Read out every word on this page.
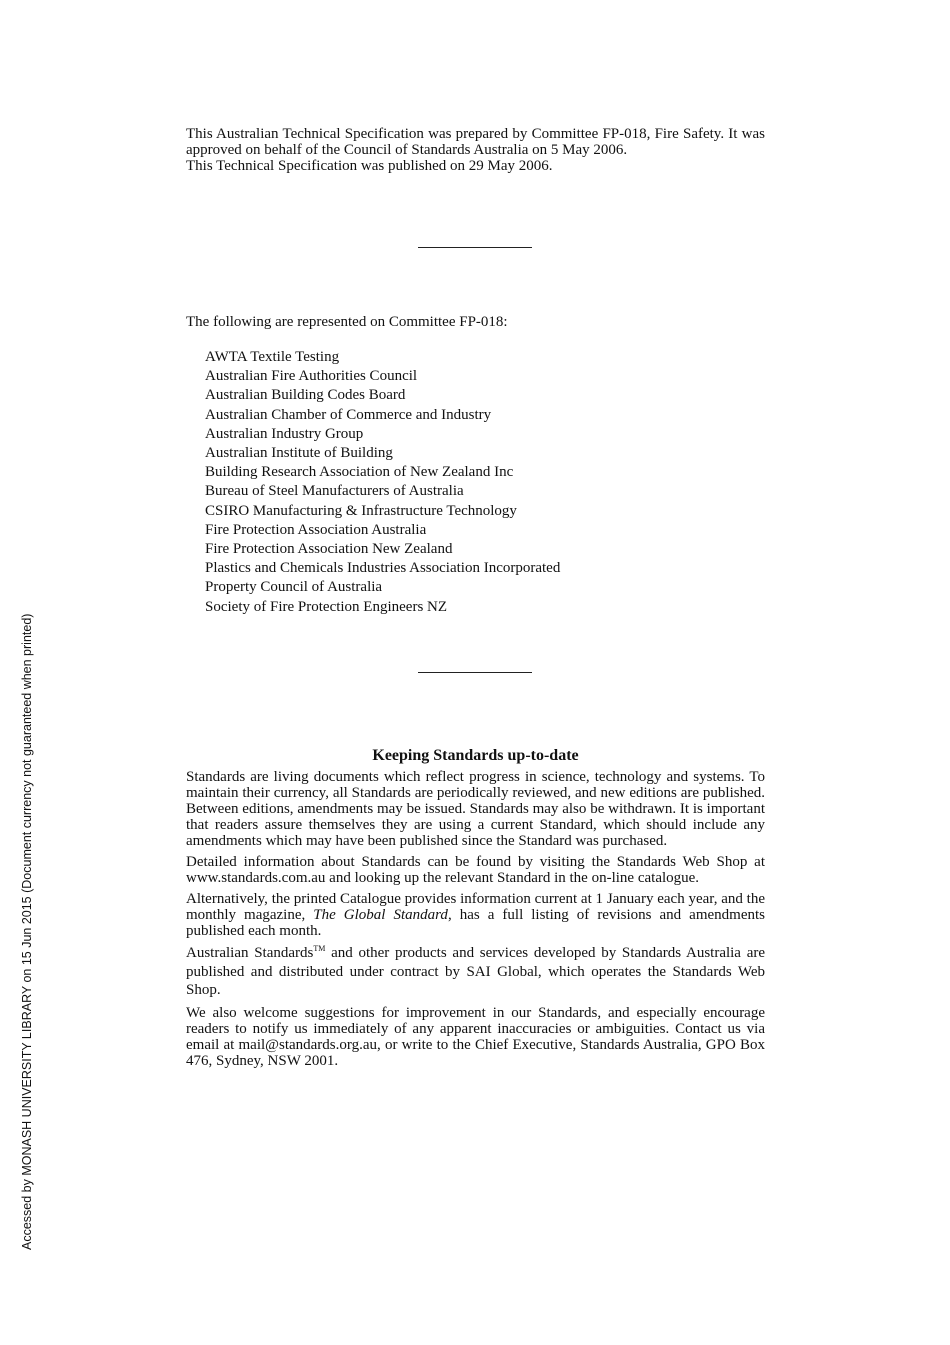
This Australian Technical Specification was prepared by Committee FP-018, Fire Safety. It was approved on behalf of the Council of Standards Australia on 5 May 2006.

This Technical Specification was published on 29 May 2006.

The following are represented on Committee FP-018:
AWTA Textile Testing
Australian Fire Authorities Council
Australian Building Codes Board
Australian Chamber of Commerce and Industry
Australian Industry Group
Australian Institute of Building
Building Research Association of New Zealand Inc
Bureau of Steel Manufacturers of Australia
CSIRO Manufacturing & Infrastructure Technology
Fire Protection Association Australia
Fire Protection Association New Zealand
Plastics and Chemicals Industries Association Incorporated
Property Council of Australia
Society of Fire Protection Engineers NZ
Keeping Standards up-to-date

Standards are living documents which reflect progress in science, technology and systems. To maintain their currency, all Standards are periodically reviewed, and new editions are published. Between editions, amendments may be issued. Standards may also be withdrawn. It is important that readers assure themselves they are using a current Standard, which should include any amendments which may have been published since the Standard was purchased.

Detailed information about Standards can be found by visiting the Standards Web Shop at www.standards.com.au and looking up the relevant Standard in the on-line catalogue.

Alternatively, the printed Catalogue provides information current at 1 January each year, and the monthly magazine, The Global Standard, has a full listing of revisions and amendments published each month.

Australian Standards™ and other products and services developed by Standards Australia are published and distributed under contract by SAI Global, which operates the Standards Web Shop.

We also welcome suggestions for improvement in our Standards, and especially encourage readers to notify us immediately of any apparent inaccuracies or ambiguities. Contact us via email at mail@standards.org.au, or write to the Chief Executive, Standards Australia, GPO Box 476, Sydney, NSW 2001.

Accessed by MONASH UNIVERSITY LIBRARY on 15 Jun 2015 (Document currency not guaranteed when printed)
